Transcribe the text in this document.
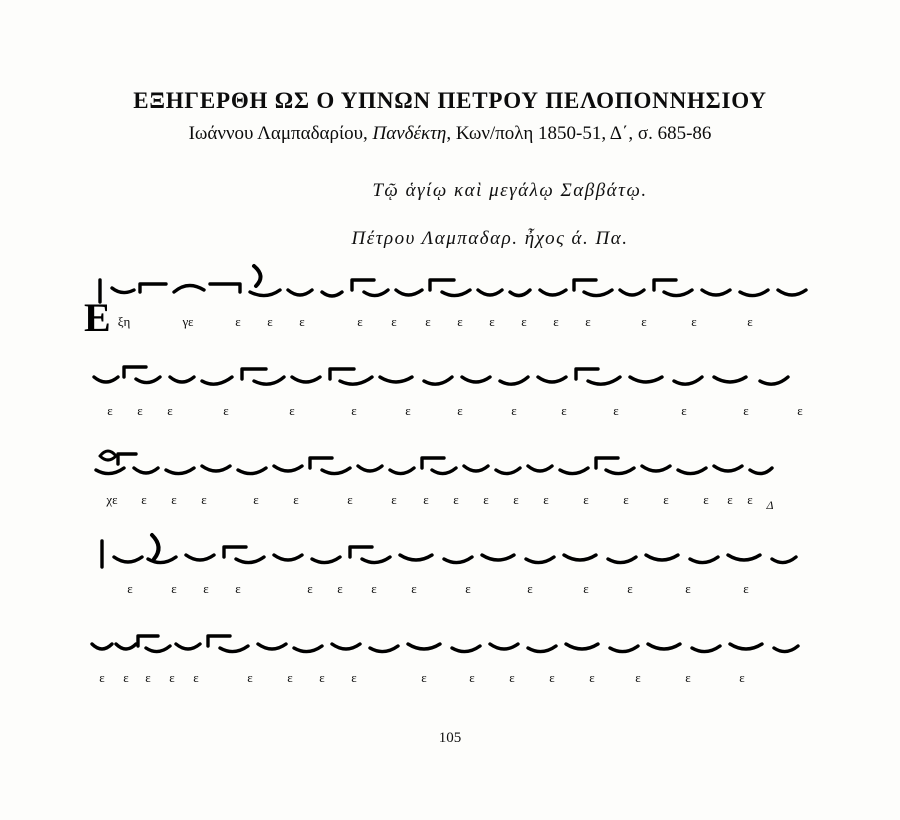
ΕΞΗΓΕΡΘΗ ΩΣ Ο ΥΠΝΩΝ ΠΕΤΡΟΥ ΠΕΛΟΠΟΝΝΗΣΙΟΥ
Ιωάννου Λαμπαδαρίου, Πανδέκτη, Κων/πολη 1850-51, Δ΄, σ. 685-86
Τῷ ἁγίῳ καὶ μεγάλῳ Σαββάτῳ.
Πέτρου Λαμπαδαρ. ἦχος ά. Πα.
Ε ξη	γε	ε ε ε	ε ε ε ε ε ε ε ε	ε	ε	ε
ε ε ε	ε	ε	ε	ε	ε	ε	ε	ε	ε	ε	ε
χε ε ε ε	ε	ε	ε	ε ε ε ε ε ε	ε	ε	ε	ε ε ε Δ
ε	ε ε ε	ε ε ε	ε	ε	ε	ε	ε	ε	ε
ε ε ε ε ε	ε	ε ε ε	ε	ε	ε	ε	ε	ε	ε	ε
105
